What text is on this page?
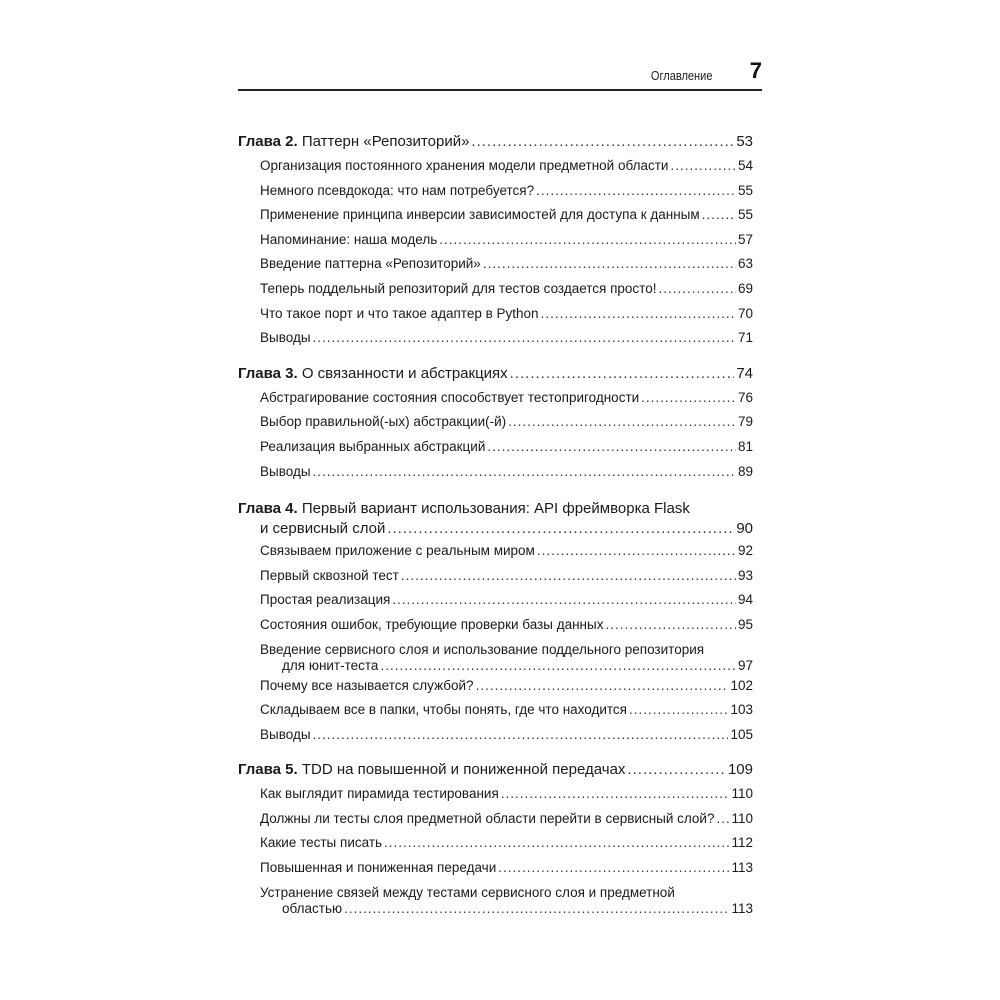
Оглавление 7
Глава 2. Паттерн «Репозиторий» .....	53
Организация постоянного хранения модели предметной области .....	54
Немного псевдокода: что нам потребуется? .....	55
Применение принципа инверсии зависимостей для доступа к данным .....	55
Напоминание: наша модель .....	57
Введение паттерна «Репозиторий» .....	63
Теперь поддельный репозиторий для тестов создается просто! .....	69
Что такое порт и что такое адаптер в Python .....	70
Выводы .....	71
Глава 3. О связанности и абстракциях .....	74
Абстрагирование состояния способствует тестопригодности .....	76
Выбор правильной(-ых) абстракции(-й) .....	79
Реализация выбранных абстракций .....	81
Выводы .....	89
Глава 4. Первый вариант использования: API фреймворка Flask
и сервисный слой .....	90
Связываем приложение с реальным миром .....	92
Первый сквозной тест .....	93
Простая реализация .....	94
Состояния ошибок, требующие проверки базы данных .....	95
Введение сервисного слоя и использование поддельного репозитория
для юнит-теста .....	97
Почему все называется службой? .....	102
Складываем все в папки, чтобы понять, где что находится .....	103
Выводы .....	105
Глава 5. TDD на повышенной и пониженной передачах .....	109
Как выглядит пирамида тестирования .....	110
Должны ли тесты слоя предметной области перейти в сервисный слой? ..... 110
Какие тесты писать .....	112
Повышенная и пониженная передачи .....	113
Устранение связей между тестами сервисного слоя и предметной
областью .....	113
